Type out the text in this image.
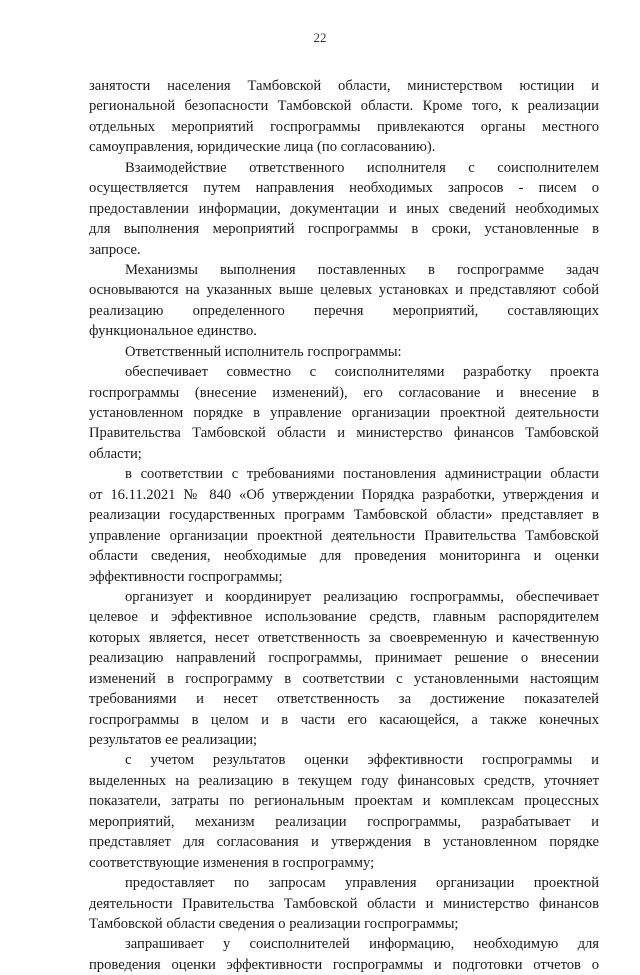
22
занятости населения Тамбовской области, министерством юстиции и
региональной безопасности Тамбовской области. Кроме того, к реализации
отдельных мероприятий госпрограммы привлекаются органы местного
самоуправления, юридические лица (по согласованию).
Взаимодействие ответственного исполнителя с соисполнителем
осуществляется путем направления необходимых запросов - писем о
предоставлении информации, документации и иных сведений необходимых
для выполнения мероприятий госпрограммы в сроки, установленные в
запросе.
Механизмы выполнения поставленных в госпрограмме задач
основываются на указанных выше целевых установках и представляют собой
реализацию определенного перечня мероприятий, составляющих
функциональное единство.
Ответственный исполнитель госпрограммы:
обеспечивает совместно с соисполнителями разработку проекта
госпрограммы (внесение изменений), его согласование и внесение в
установленном порядке в управление организации проектной деятельности
Правительства Тамбовской области и министерство финансов Тамбовской
области;
в соответствии с требованиями постановления администрации области
от 16.11.2021 № 840 «Об утверждении Порядка разработки, утверждения и
реализации государственных программ Тамбовской области» представляет в
управление организации проектной деятельности Правительства Тамбовской
области сведения, необходимые для проведения мониторинга и оценки
эффективности госпрограммы;
организует и координирует реализацию госпрограммы, обеспечивает
целевое и эффективное использование средств, главным распорядителем
которых является, несет ответственность за своевременную и качественную
реализацию направлений госпрограммы, принимает решение о внесении
изменений в госпрограмму в соответствии с установленными настоящим
требованиями и несет ответственность за достижение показателей
госпрограммы в целом и в части его касающейся, а также конечных
результатов ее реализации;
с учетом результатов оценки эффективности госпрограммы и
выделенных на реализацию в текущем году финансовых средств, уточняет
показатели, затраты по региональным проектам и комплексам процессных
мероприятий, механизм реализации госпрограммы, разрабатывает и
представляет для согласования и утверждения в установленном порядке
соответствующие изменения в госпрограмму;
предоставляет по запросам управления организации проектной
деятельности Правительства Тамбовской области и министерство финансов
Тамбовской области сведения о реализации госпрограммы;
запрашивает у соисполнителей информацию, необходимую для
проведения оценки эффективности госпрограммы и подготовки отчетов о
